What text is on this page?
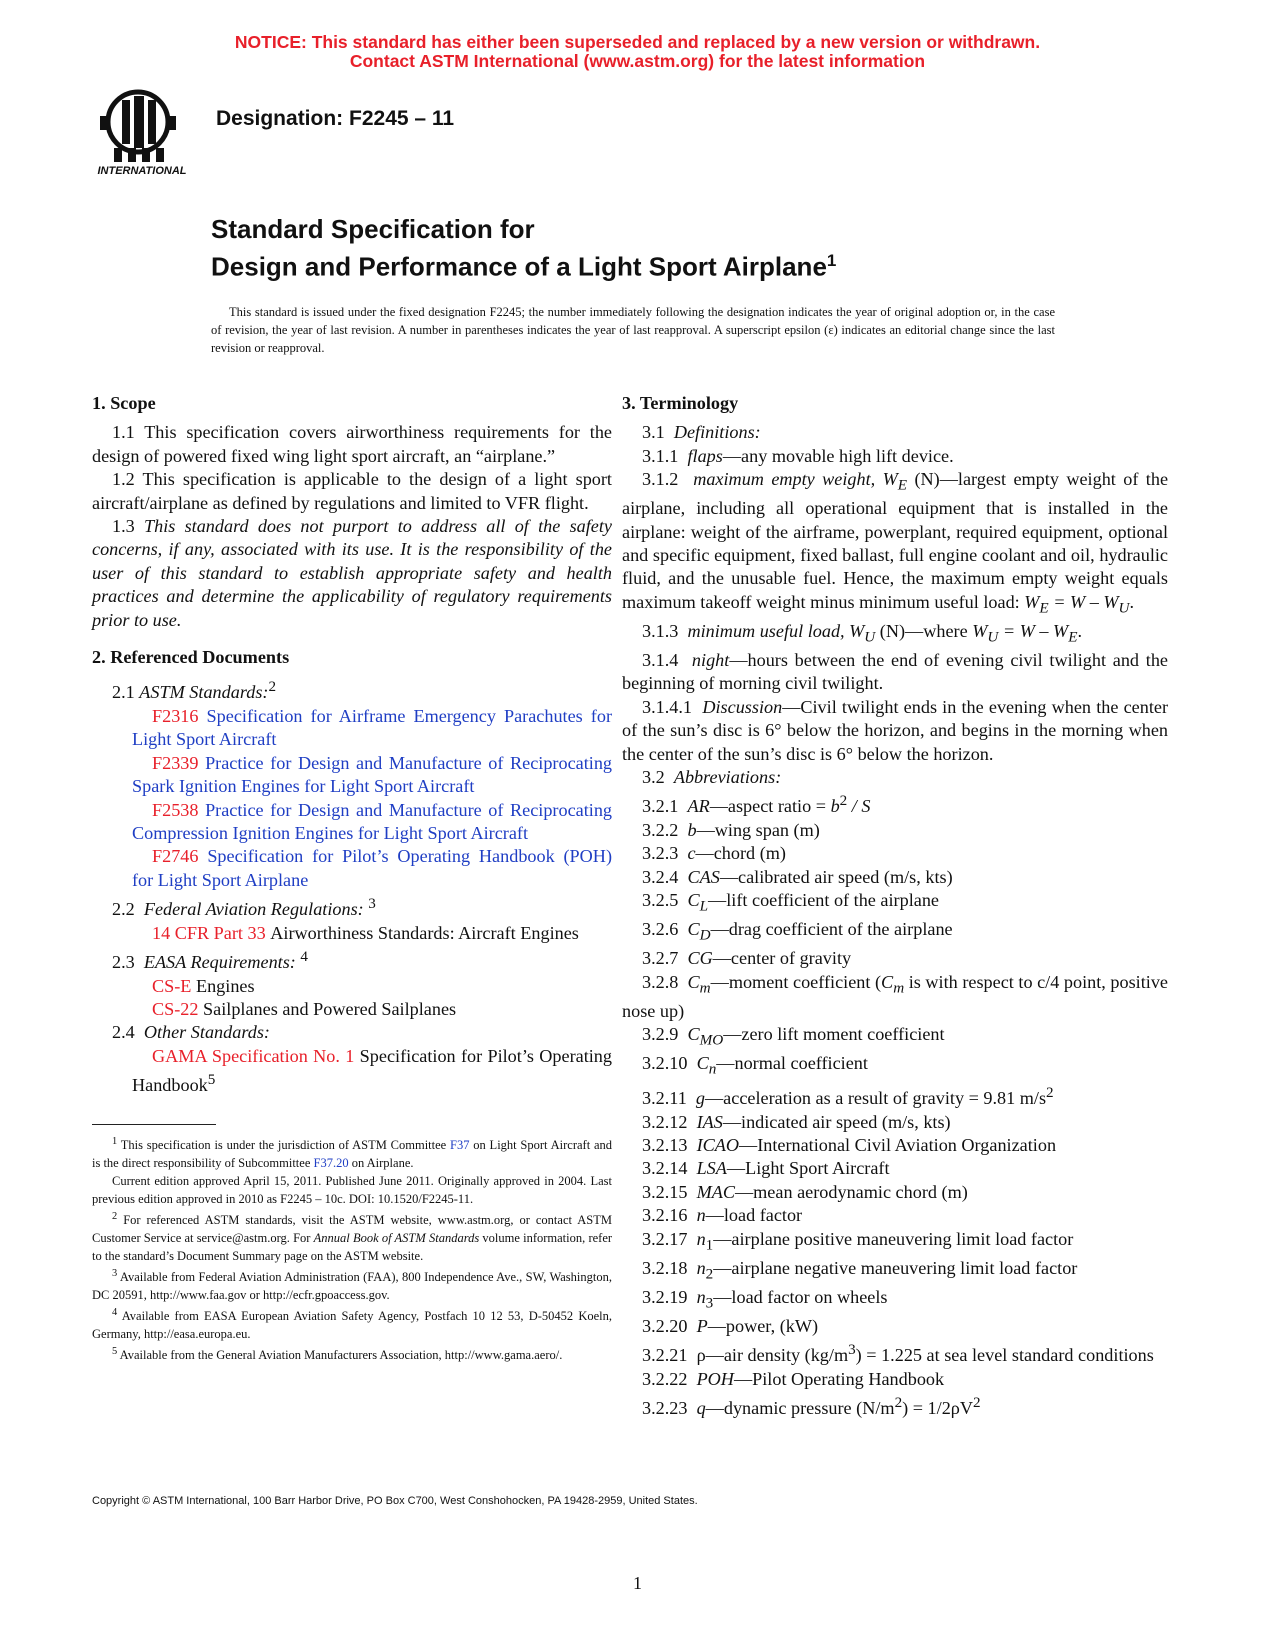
NOTICE: This standard has either been superseded and replaced by a new version or withdrawn.
Contact ASTM International (www.astm.org) for the latest information
INTERNATIONAL
Designation: F2245 – 11
Standard Specification for
Design and Performance of a Light Sport Airplane$^1$
This standard is issued under the fixed designation F2245; the number immediately following the designation indicates the year of original adoption or, in the case of revision, the year of last revision. A number in parentheses indicates the year of last reapproval. A superscript epsilon (ε) indicates an editorial change since the last revision or reapproval.
1. Scope

1.1 This specification covers airworthiness requirements for the design of powered fixed wing light sport aircraft, an “airplane.”

1.2 This specification is applicable to the design of a light sport aircraft/airplane as defined by regulations and limited to VFR flight.

1.3 This standard does not purport to address all of the safety concerns, if any, associated with its use. It is the responsibility of the user of this standard to establish appropriate safety and health practices and determine the applicability of regulatory requirements prior to use.

2. Referenced Documents

2.1 ASTM Standards:$^2$

F2316 Specification for Airframe Emergency Parachutes for Light Sport Aircraft

F2339 Practice for Design and Manufacture of Reciprocating Spark Ignition Engines for Light Sport Aircraft

F2538 Practice for Design and Manufacture of Reciprocating Compression Ignition Engines for Light Sport Aircraft

F2746 Specification for Pilot’s Operating Handbook (POH) for Light Sport Airplane

2.2 Federal Aviation Regulations: $^3$

14 CFR Part 33 Airworthiness Standards: Aircraft Engines

2.3 EASA Requirements: $^4$

CS-E Engines

CS-22 Sailplanes and Powered Sailplanes

2.4 Other Standards:

GAMA Specification No. 1 Specification for Pilot’s Operating Handbook$^5$

$^1$ This specification is under the jurisdiction of ASTM Committee F37 on Light Sport Aircraft and is the direct responsibility of Subcommittee F37.20 on Airplane.

Current edition approved April 15, 2011. Published June 2011. Originally approved in 2004. Last previous edition approved in 2010 as F2245 – 10c. DOI: 10.1520/F2245-11.

$^2$ For referenced ASTM standards, visit the ASTM website, www.astm.org, or contact ASTM Customer Service at service@astm.org. For Annual Book of ASTM Standards volume information, refer to the standard’s Document Summary page on the ASTM website.

$^3$ Available from Federal Aviation Administration (FAA), 800 Independence Ave., SW, Washington, DC 20591, http://www.faa.gov or http://ecfr.gpoaccess.gov.

$^4$ Available from EASA European Aviation Safety Agency, Postfach 10 12 53, D-50452 Koeln, Germany, http://easa.europa.eu.

$^5$ Available from the General Aviation Manufacturers Association, http://www.gama.aero/.

3. Terminology

3.1 Definitions:

3.1.1 flaps—any movable high lift device.

3.1.2 maximum empty weight, $W_E$ (N)—largest empty weight of the airplane, including all operational equipment that is installed in the airplane: weight of the airframe, powerplant, required equipment, optional and specific equipment, fixed ballast, full engine coolant and oil, hydraulic fluid, and the unusable fuel. Hence, the maximum empty weight equals maximum takeoff weight minus minimum useful load: $W_E = W - W_U$.

3.1.3 minimum useful load, $W_U$ (N)—where $W_U = W - W_E$.

3.1.4 night—hours between the end of evening civil twilight and the beginning of morning civil twilight.

3.1.4.1 Discussion—Civil twilight ends in the evening when the center of the sun’s disc is 6° below the horizon, and begins in the morning when the center of the sun’s disc is 6° below the horizon.

3.2 Abbreviations:

3.2.1 AR—aspect ratio = $b^2$ / S

3.2.2 b—wing span (m)

3.2.3 c—chord (m)

3.2.4 CAS—calibrated air speed (m/s, kts)

3.2.5 $C_L—lift$ coefficient of the airplane

3.2.6 $C_D—drag$ coefficient of the airplane

3.2.7 CG—center of gravity

3.2.8 $C_m—moment$ coefficient ($C_m$ is with respect to c/4 point, positive nose up)

3.2.9 $C_{MO}—zero$ lift moment coefficient

3.2.10 $C_n—normal$ coefficient

3.2.11 g—acceleration as a result of gravity = 9.81 $m/s^2$

3.2.12 IAS—indicated air speed (m/s, kts)

3.2.13 ICAO—International Civil Aviation Organization

3.2.14 LSA—Light Sport Aircraft

3.2.15 MAC—mean aerodynamic chord (m)

3.2.16 n—load factor

3.2.17 $n_1—airplane$ positive maneuvering limit load factor

3.2.18 $n_2—airplane$ negative maneuvering limit load factor

3.2.19 $n_3—load$ factor on wheels

3.2.20 P—power, (kW)

3.2.21 ρ—air density $(kg/m^3) = 1.225$ at sea level standard conditions

3.2.22 POH—Pilot Operating Handbook

3.2.23 q—dynamic pressure $(N/m^2) = 1/2\rho V^2$

Copyright © ASTM International, 100 Barr Harbor Drive, PO Box C700, West Conshohocken, PA 19428-2959, United States.
1
